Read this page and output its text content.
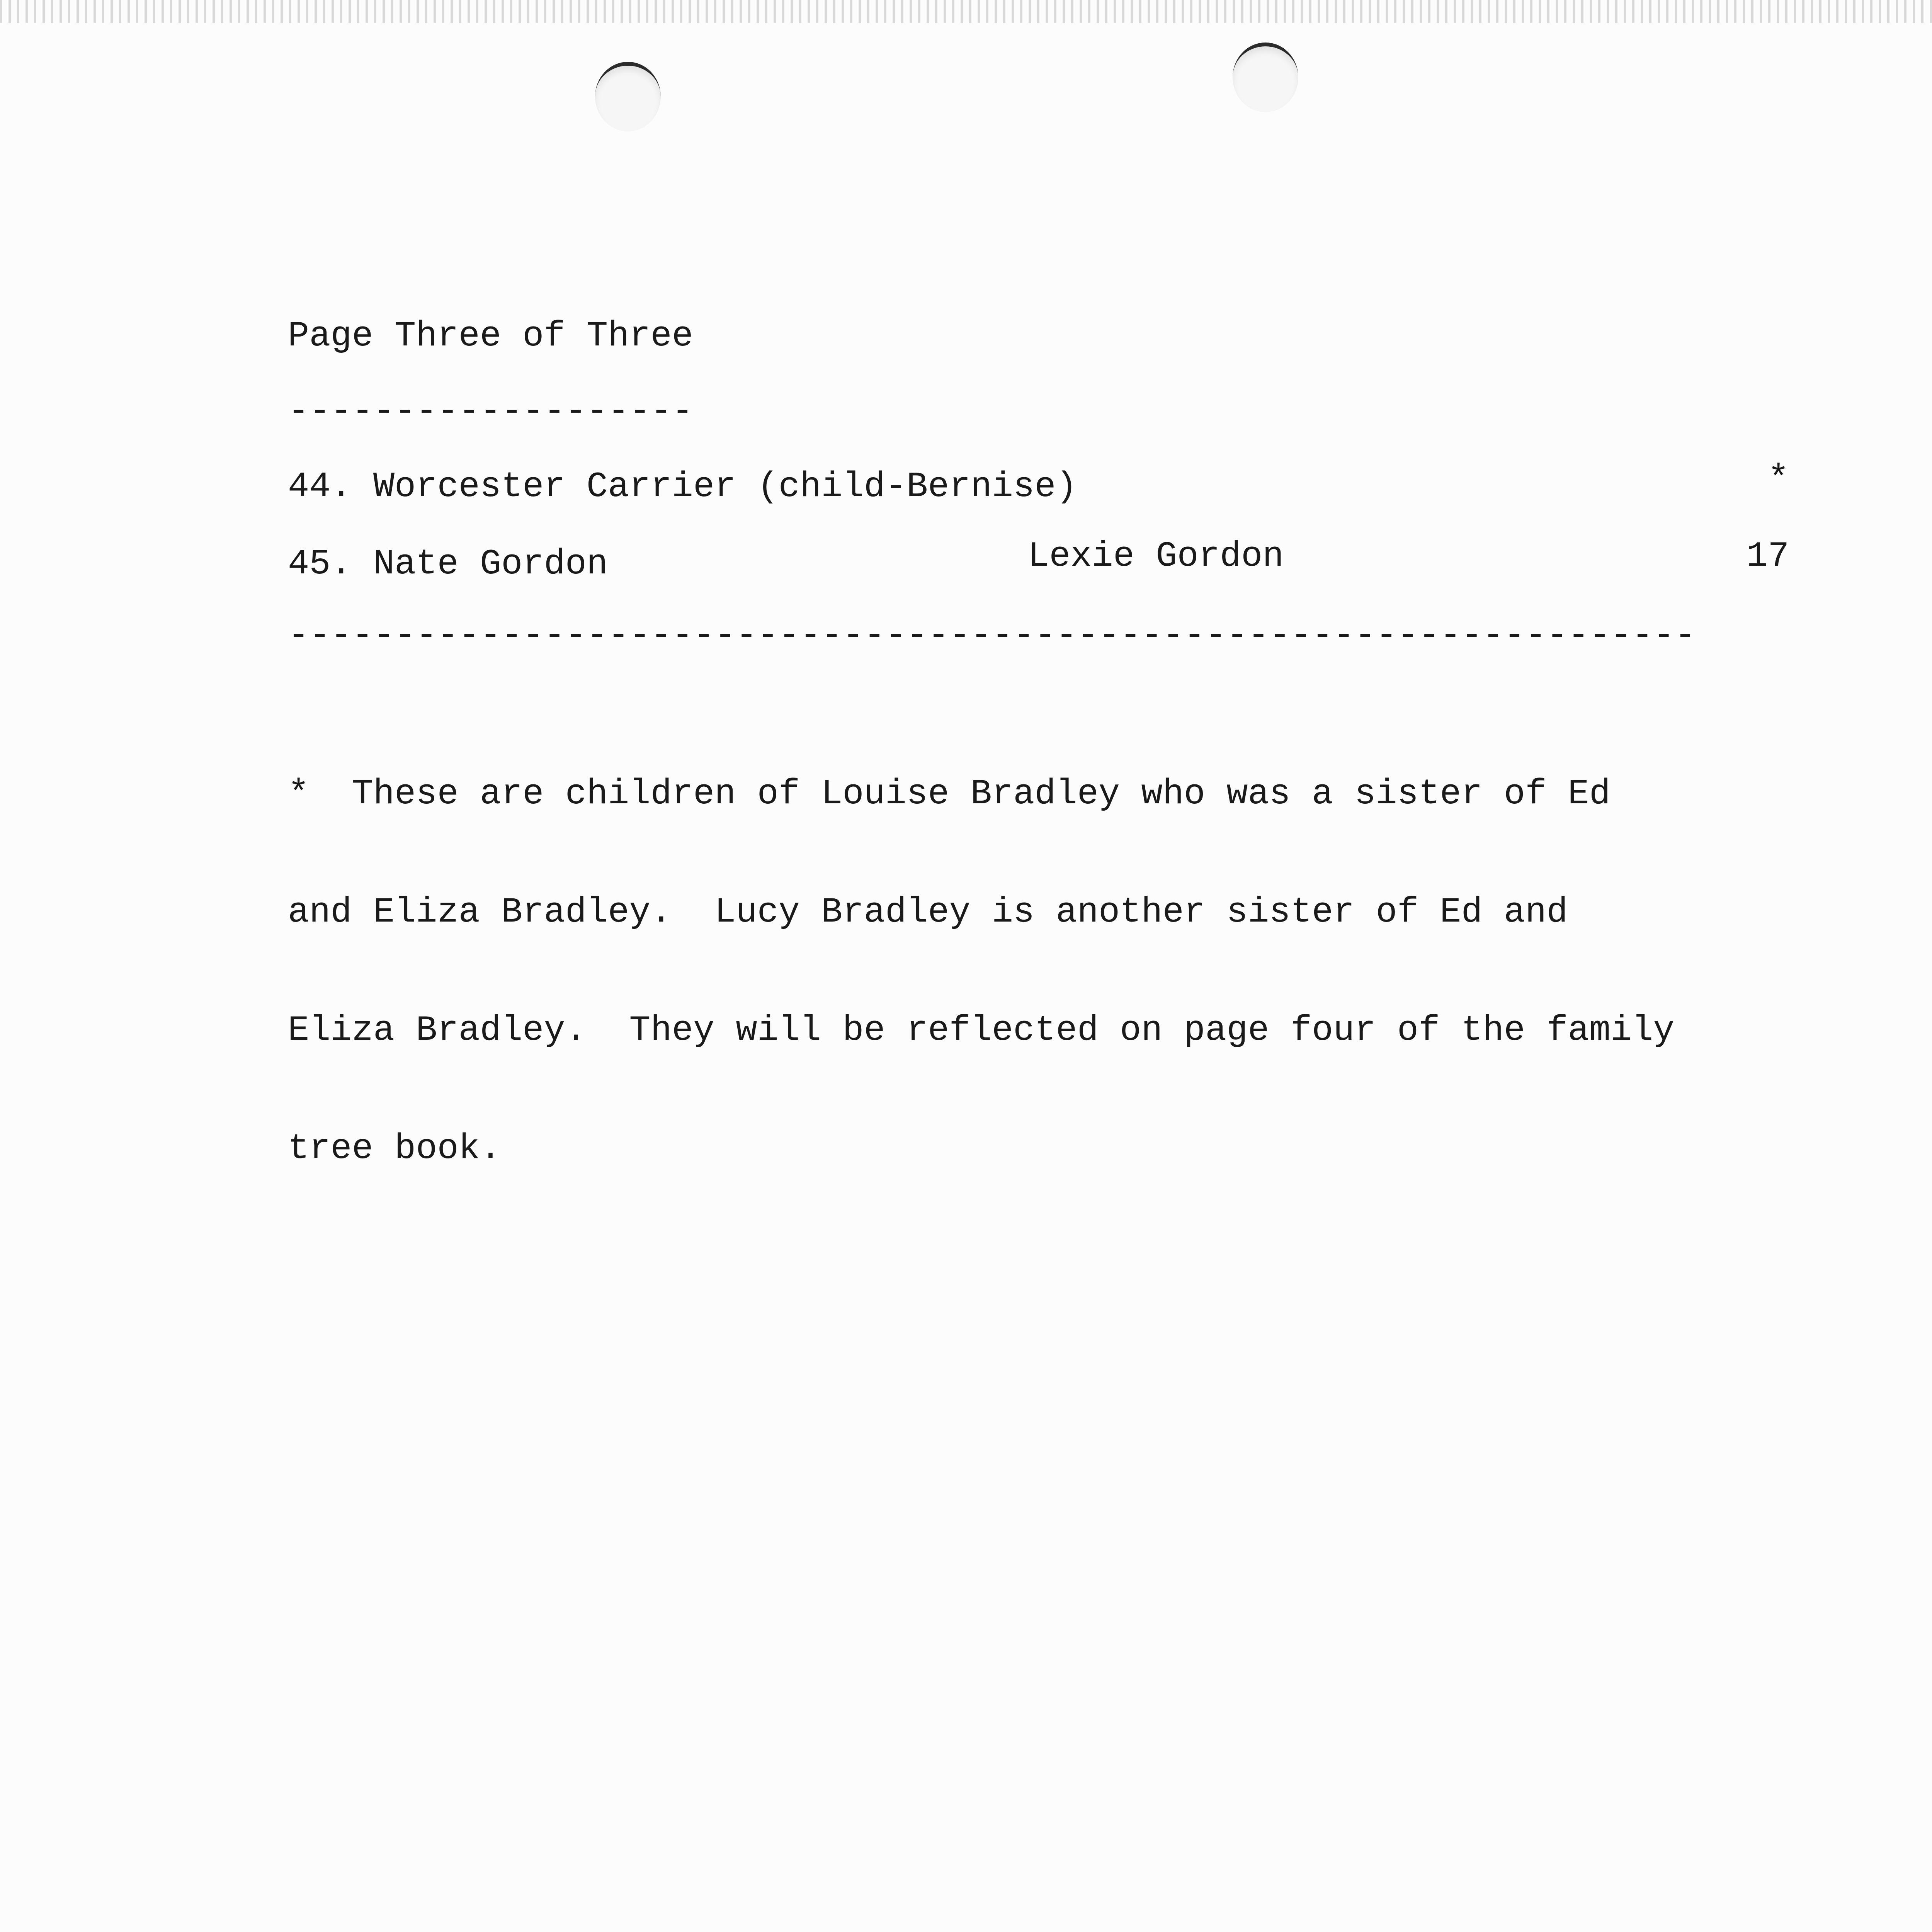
Page Three of Three
-------------------
44. Worcester Carrier (child-Bernise)	*
45. Nate Gordon	Lexie Gordon	17
------------------------------------------------------------------

*  These are children of Louise Bradley who was a sister of Ed

and Eliza Bradley.  Lucy Bradley is another sister of Ed and

Eliza Bradley.  They will be reflected on page four of the family

tree book.
